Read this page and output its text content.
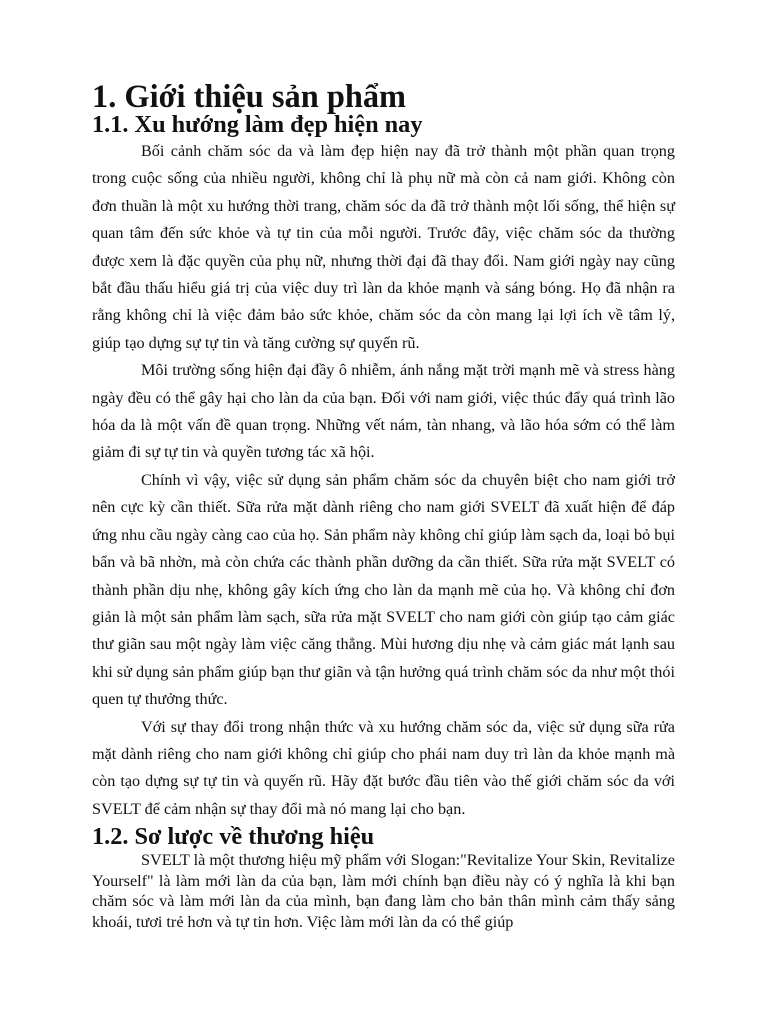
1. Giới thiệu sản phẩm
1.1. Xu hướng làm đẹp hiện nay

Bối cảnh chăm sóc da và làm đẹp hiện nay đã trở thành một phần quan trọng trong cuộc sống của nhiều người, không chỉ là phụ nữ mà còn cả nam giới. Không còn đơn thuần là một xu hướng thời trang, chăm sóc da đã trở thành một lối sống, thể hiện sự quan tâm đến sức khỏe và tự tin của mỗi người. Trước đây, việc chăm sóc da thường được xem là đặc quyền của phụ nữ, nhưng thời đại đã thay đổi. Nam giới ngày nay cũng bắt đầu thấu hiểu giá trị của việc duy trì làn da khỏe mạnh và sáng bóng. Họ đã nhận ra rằng không chỉ là việc đảm bảo sức khỏe, chăm sóc da còn mang lại lợi ích về tâm lý, giúp tạo dựng sự tự tin và tăng cường sự quyến rũ.

Môi trường sống hiện đại đầy ô nhiễm, ánh nắng mặt trời mạnh mẽ và stress hàng ngày đều có thể gây hại cho làn da của bạn. Đối với nam giới, việc thúc đẩy quá trình lão hóa da là một vấn đề quan trọng. Những vết nám, tàn nhang, và lão hóa sớm có thể làm giảm đi sự tự tin và quyền tương tác xã hội.

Chính vì vậy, việc sử dụng sản phẩm chăm sóc da chuyên biệt cho nam giới trở nên cực kỳ cần thiết. Sữa rửa mặt dành riêng cho nam giới SVELT đã xuất hiện để đáp ứng nhu cầu ngày càng cao của họ. Sản phẩm này không chỉ giúp làm sạch da, loại bỏ bụi bẩn và bã nhờn, mà còn chứa các thành phần dưỡng da cần thiết. Sữa rửa mặt SVELT có thành phần dịu nhẹ, không gây kích ứng cho làn da mạnh mẽ của họ. Và không chỉ đơn giản là một sản phẩm làm sạch, sữa rửa mặt SVELT cho nam giới còn giúp tạo cảm giác thư giãn sau một ngày làm việc căng thẳng. Mùi hương dịu nhẹ và cảm giác mát lạnh sau khi sử dụng sản phẩm giúp bạn thư giãn và tận hưởng quá trình chăm sóc da như một thói quen tự thưởng thức.

Với sự thay đổi trong nhận thức và xu hướng chăm sóc da, việc sử dụng sữa rửa mặt dành riêng cho nam giới không chỉ giúp cho phái nam duy trì làn da khỏe mạnh mà còn tạo dựng sự tự tin và quyến rũ. Hãy đặt bước đầu tiên vào thế giới chăm sóc da với SVELT để cảm nhận sự thay đổi mà nó mang lại cho bạn.

1.2. Sơ lược về thương hiệu

SVELT là một thương hiệu mỹ phẩm với Slogan:"Revitalize Your Skin, Revitalize Yourself" là làm mới làn da của bạn, làm mới chính bạn điều này có ý nghĩa là khi bạn chăm sóc và làm mới làn da của mình, bạn đang làm cho bản thân mình cảm thấy sảng khoái, tươi trẻ hơn và tự tin hơn. Việc làm mới làn da có thể giúp
